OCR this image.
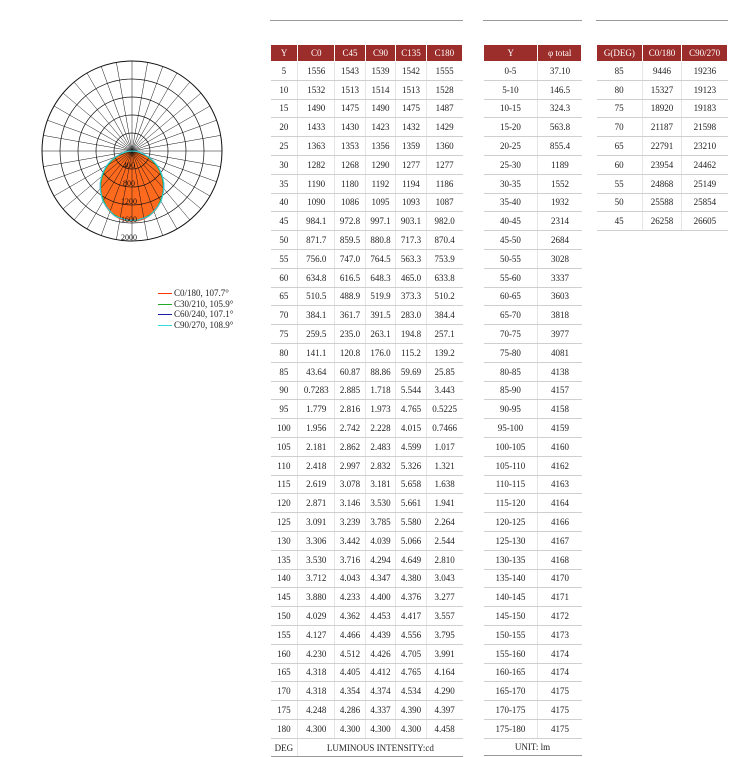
400
800
1200
1600
2000
C0/180, 107.7°
C30/210, 105.9°
C60/240, 107.1°
C90/270, 108.9°
Y	C0	C45	C90	C135	C180
5	1556	1543	1539	1542	1555
10	1532	1513	1514	1513	1528
15	1490	1475	1490	1475	1487
20	1433	1430	1423	1432	1429
25	1363	1353	1356	1359	1360
30	1282	1268	1290	1277	1277
35	1190	1180	1192	1194	1186
40	1090	1086	1095	1093	1087
45	984.1	972.8	997.1	903.1	982.0
50	871.7	859.5	880.8	717.3	870.4
55	756.0	747.0	764.5	563.3	753.9
60	634.8	616.5	648.3	465.0	633.8
65	510.5	488.9	519.9	373.3	510.2
70	384.1	361.7	391.5	283.0	384.4
75	259.5	235.0	263.1	194.8	257.1
80	141.1	120.8	176.0	115.2	139.2
85	43.64	60.87	88.86	59.69	25.85
90	0.7283	2.885	1.718	5.544	3.443
95	1.779	2.816	1.973	4.765	0.5225
100	1.956	2.742	2.228	4.015	0.7466
105	2.181	2.862	2.483	4.599	1.017
110	2.418	2.997	2.832	5.326	1.321
115	2.619	3.078	3.181	5.658	1.638
120	2.871	3.146	3.530	5.661	1.941
125	3.091	3.239	3.785	5.580	2.264
130	3.306	3.442	4.039	5.066	2.544
135	3.530	3.716	4.294	4.649	2.810
140	3.712	4.043	4.347	4.380	3.043
145	3.880	4.233	4.400	4.376	3.277
150	4.029	4.362	4.453	4.417	3.557
155	4.127	4.466	4.439	4.556	3.795
160	4.230	4.512	4.426	4.705	3.991
165	4.318	4.405	4.412	4.765	4.164
170	4.318	4.354	4.374	4.534	4.290
175	4.248	4.286	4.337	4.390	4.397
180	4.300	4.300	4.300	4.300	4.458
DEG	LUMINOUS INTENSITY:cd				
Y	φ total
0-5	37.10
5-10	146.5
10-15	324.3
15-20	563.8
20-25	855.4
25-30	1189
30-35	1552
35-40	1932
40-45	2314
45-50	2684
50-55	3028
55-60	3337
60-65	3603
65-70	3818
70-75	3977
75-80	4081
80-85	4138
85-90	4157
90-95	4158
95-100	4159
100-105	4160
105-110	4162
110-115	4163
115-120	4164
120-125	4166
125-130	4167
130-135	4168
135-140	4170
140-145	4171
145-150	4172
150-155	4173
155-160	4174
160-165	4174
165-170	4175
170-175	4175
175-180	4175
UNIT: lm	
G(DEG)	C0/180	C90/270
85	9446	19236
80	15327	19123
75	18920	19183
70	21187	21598
65	22791	23210
60	23954	24462
55	24868	25149
50	25588	25854
45	26258	26605
